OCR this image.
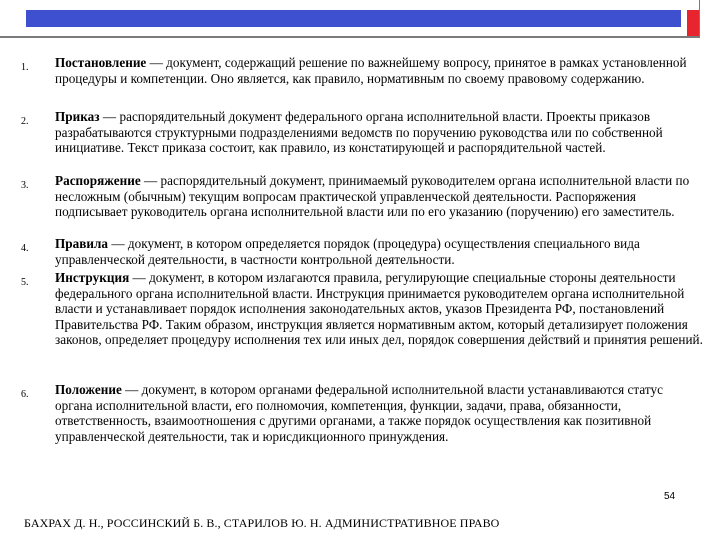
1.	Постановление — документ, содержащий решение по важнейшему вопросу, принятое в рамках установленной процедуры и компетенции. Оно является, как правило, нормативным по своему правовому содержанию.
2.	Приказ — распорядительный документ федерального органа исполнительной власти. Проекты приказов разрабатываются структурными подразделениями ведомств по поручению руководства или по собственной инициативе. Текст приказа состоит, как правило, из констатирующей и распорядительной частей.
3.	Распоряжение — распорядительный документ, принимаемый руководителем органа исполнительной власти по несложным (обычным) текущим вопросам практической управленческой деятельности. Распоряжения подписывает руководитель органа исполнительной власти или по его указанию (поручению) его заместитель.
4.	Правила — документ, в котором определяется порядок (процедура) осуществления специального вида управленческой деятельности, в частности контрольной деятельности.
5.	Инструкция — документ, в котором излагаются правила, регулирующие специальные стороны деятельности федерального органа исполнительной власти. Инструкция принимается руководителем органа исполнительной власти и устанавливает порядок исполнения законодательных актов, указов Президента РФ, постановлений Правительства РФ. Таким образом, инструкция является нормативным актом, который детализирует положения законов, определяет процедуру исполнения тех или иных дел, порядок совершения действий и принятия решений.
6.	Положение — документ, в котором органами федеральной исполнительной власти устанавливаются статус органа исполнительной власти, его полномочия, компетенция, функции, задачи, права, обязанности, ответственность, взаимоотношения с другими органами, а также порядок осуществления как позитивной управленческой деятельности, так и юрисдикционного принуждения.
54
БАХРАХ Д. Н., РОССИНСКИЙ Б. В., СТАРИЛОВ Ю. Н. АДМИНИСТРАТИВНОЕ ПРАВО
